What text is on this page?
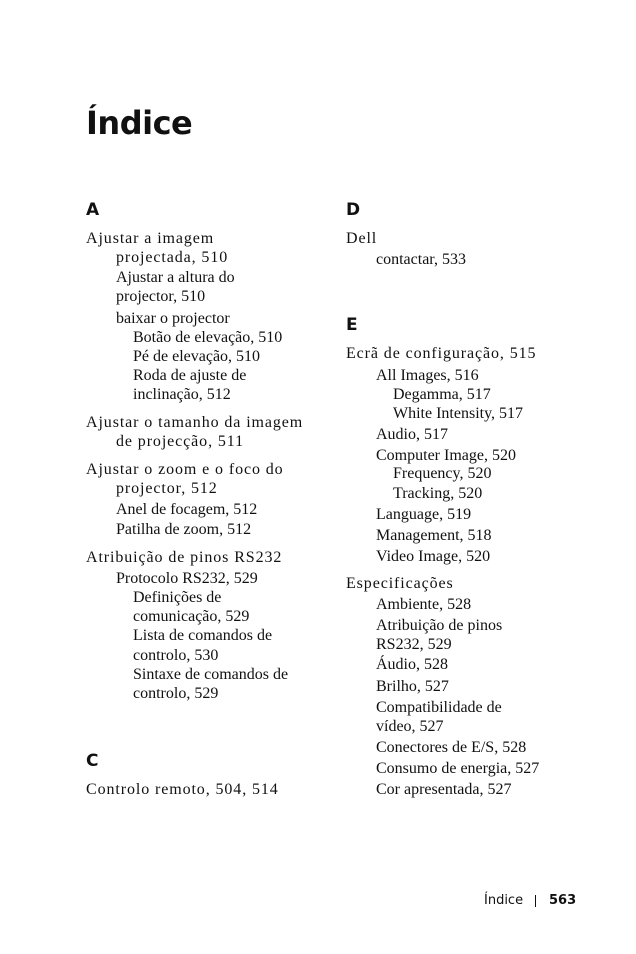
Índice
A
Ajustar a imagem
projectada, 510
Ajustar a altura do
projector, 510
baixar o projector
Botão de elevação, 510
Pé de elevação, 510
Roda de ajuste de
inclinação, 512
Ajustar o tamanho da imagem
de projecção, 511
Ajustar o zoom e o foco do
projector, 512
Anel de focagem, 512
Patilha de zoom, 512
Atribuição de pinos RS232
Protocolo RS232, 529
Definições de
comunicação, 529
Lista de comandos de
controlo, 530
Sintaxe de comandos de
controlo, 529
C
Controlo remoto, 504, 514
D
Dell
contactar, 533
E
Ecrã de configuração, 515
All Images, 516
Degamma, 517
White Intensity, 517
Audio, 517
Computer Image, 520
Frequency, 520
Tracking, 520
Language, 519
Management, 518
Video Image, 520
Especificações
Ambiente, 528
Atribuição de pinos
RS232, 529
Áudio, 528
Brilho, 527
Compatibilidade de
vídeo, 527
Conectores de E/S, 528
Consumo de energia, 527
Cor apresentada, 527
Índice 563
